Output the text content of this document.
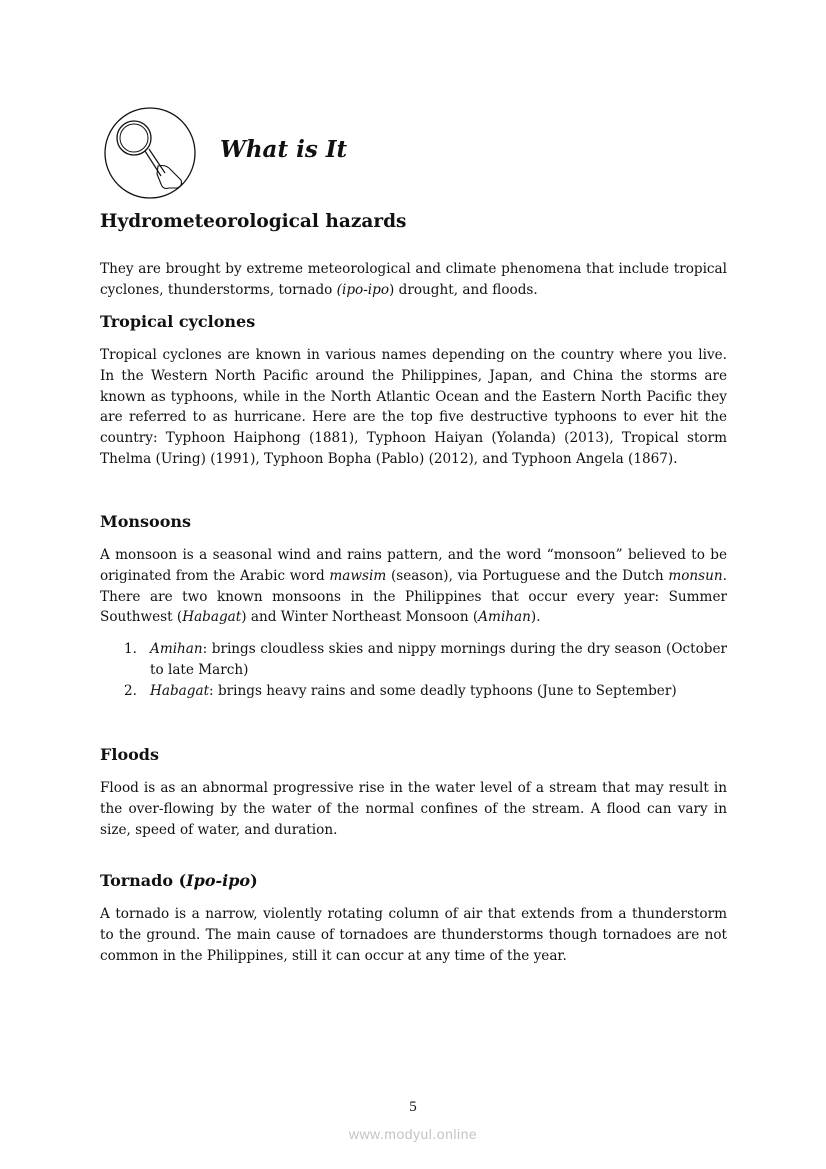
What is It
Hydrometeorological hazards
They are brought by extreme meteorological and climate phenomena that include tropical cyclones, thunderstorms, tornado (ipo-ipo) drought, and floods.
Tropical cyclones
Tropical cyclones are known in various names depending on the country where you live. In the Western North Pacific around the Philippines, Japan, and China the storms are known as typhoons, while in the North Atlantic Ocean and the Eastern North Pacific they are referred to as hurricane. Here are the top five destructive typhoons to ever hit the country: Typhoon Haiphong (1881), Typhoon Haiyan (Yolanda) (2013), Tropical storm Thelma (Uring) (1991), Typhoon Bopha (Pablo) (2012), and Typhoon Angela (1867).
Monsoons
A monsoon is a seasonal wind and rains pattern, and the word “monsoon” believed to be originated from the Arabic word mawsim (season), via Portuguese and the Dutch monsun. There are two known monsoons in the Philippines that occur every year: Summer Southwest (Habagat) and Winter Northeast Monsoon (Amihan).
1. Amihan: brings cloudless skies and nippy mornings during the dry season (October to late March)
2. Habagat: brings heavy rains and some deadly typhoons (June to September)
Floods
Flood is as an abnormal progressive rise in the water level of a stream that may result in the over-flowing by the water of the normal confines of the stream. A flood can vary in size, speed of water, and duration.
Tornado (Ipo-ipo)
A tornado is a narrow, violently rotating column of air that extends from a thunderstorm to the ground. The main cause of tornadoes are thunderstorms though tornadoes are not common in the Philippines, still it can occur at any time of the year.
5
www.modyul.online
